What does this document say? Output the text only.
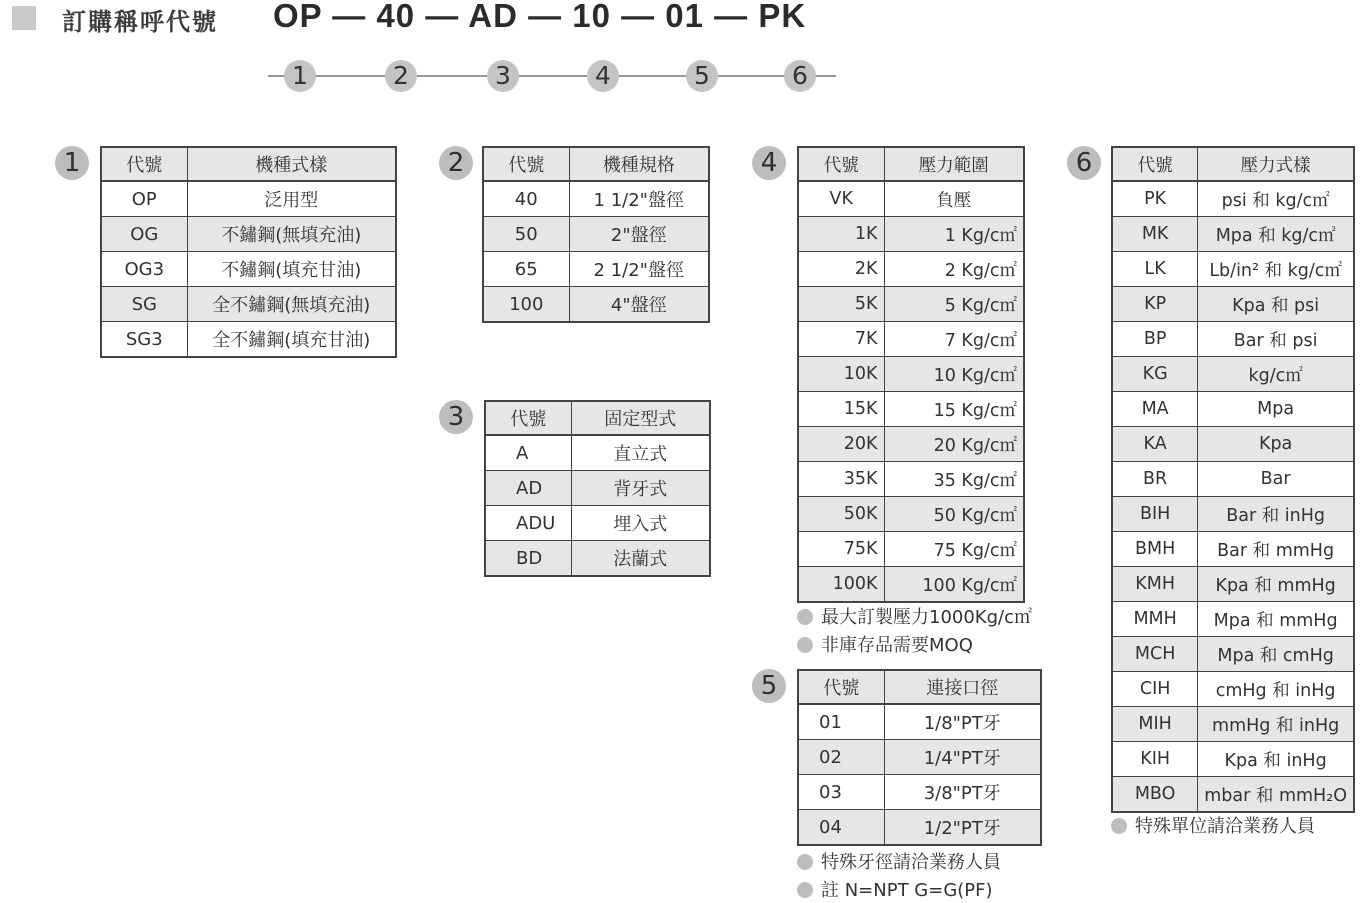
訂購稱呼代號 OP — 40 — AD — 10 — 01 — PK
1	2	3	4	5	6
1	代號	機種式樣
OP	泛用型
OG	不鏽鋼(無填充油)
OG3	不鏽鋼(填充甘油)
SG	全不鏽鋼(無填充油)
SG3	全不鏽鋼(填充甘油)
2	代號	機種規格
40	1 1/2"盤徑
50	2"盤徑
65	2 1/2"盤徑
100	4"盤徑
3	代號	固定型式
A	直立式
AD	背牙式
ADU	埋入式
BD	法蘭式
4	代號	壓力範圍
VK	負壓
1K	1 Kg/c㎡
2K	2 Kg/c㎡
5K	5 Kg/c㎡
7K	7 Kg/c㎡
10K	10 Kg/c㎡
15K	15 Kg/c㎡
20K	20 Kg/c㎡
35K	35 Kg/c㎡
50K	50 Kg/c㎡
75K	75 Kg/c㎡
100K	100 Kg/c㎡
最大訂製壓力1000Kg/c㎡
非庫存品需要MOQ
5	代號	連接口徑
01	1/8"PT牙
02	1/4"PT牙
03	3/8"PT牙
04	1/2"PT牙
特殊牙徑請洽業務人員
註 N=NPT G=G(PF)
6	代號	壓力式樣
PK	psi 和 kg/c㎡
MK	Mpa 和 kg/c㎡
LK	Lb/in² 和 kg/c㎡
KP	Kpa 和 psi
BP	Bar 和 psi
KG	kg/c㎡
MA	Mpa
KA	Kpa
BR	Bar
BIH	Bar 和 inHg
BMH	Bar 和 mmHg
KMH	Kpa 和 mmHg
MMH	Mpa 和 mmHg
MCH	Mpa 和 cmHg
CIH	cmHg 和 inHg
MIH	mmHg 和 inHg
KIH	Kpa 和 inHg
MBO	mbar 和 mmH₂O
特殊單位請洽業務人員
